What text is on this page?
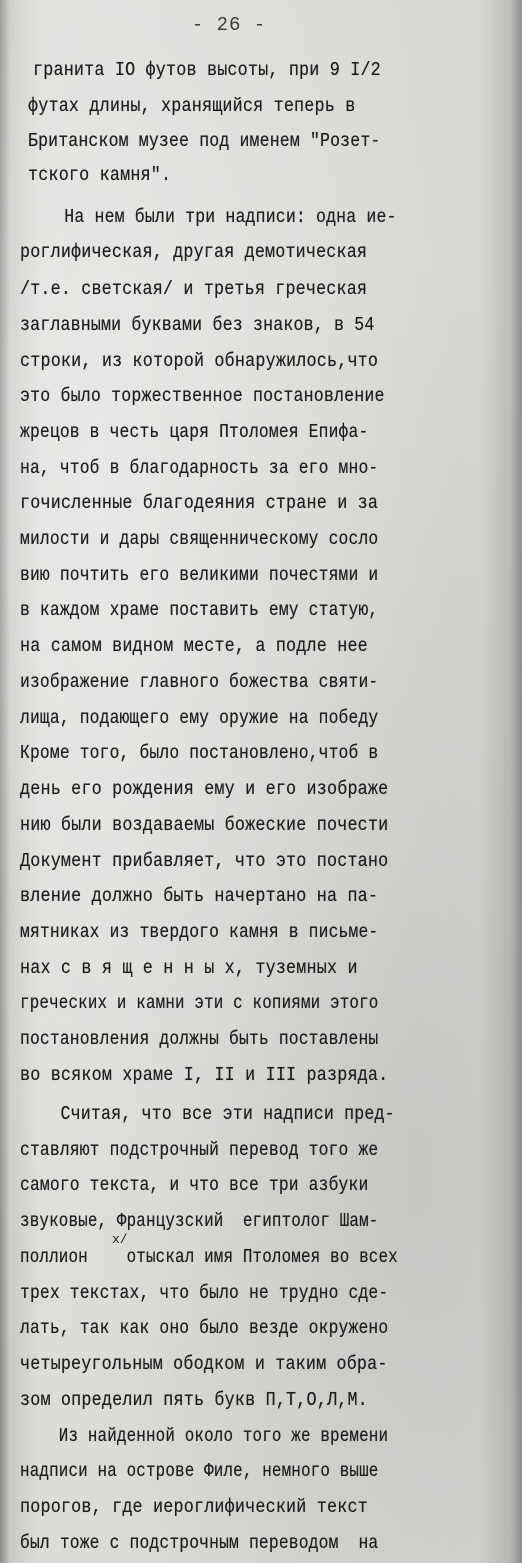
- 26 -
гранита IO футов высоты, при 9 I/2
футах длины, хранящийся теперь в
Британском музее под именем "Розет-
тского камня".
На нем были три надписи: одна ие-
роглифическая, другая демотическая
/т.е. светская/ и третья греческая
заглавными буквами без знаков, в 54
строки, из которой обнаружилось,что
это было торжественное постановление
жрецов в честь царя Птоломея Епифа-
на, чтоб в благодарность за его мно-
гочисленные благодеяния стране и за
милости и дары священническому сосло
вию почтить его великими почестями и
в каждом храме поставить ему статую,
на самом видном месте, а подле нее
изображение главного божества святи-
лища, подающего ему оружие на победу
Кроме того, было постановлено,чтоб в
день его рождения ему и его изображе
нию были воздаваемы божеские почести
Документ прибавляет, что это постано
вление должно быть начертано на па-
мятниках из твердого камня в письме-
нах с в я щ е н н ы х, туземных и
греческих и камни эти с копиями этого
постановления должны быть поставлены
во всяком храме I, II и III разряда.
Считая, что все эти надписи пред-
ставляют подстрочный перевод того же
самого текста, и что все три азбуки
звуковые, Французский  египтолог Шам-
поллион    отыскал имя Птоломея во всех
x/
трех текстах, что было не трудно сде-
лать, так как оно было везде окружено
четыреугольным ободком и таким обра-
зом определил пять букв П,Т,О,Л,М.
Из найденной около того же времени
надписи на острове Филе, немного выше
порогов, где иероглифический текст
был тоже с подстрочным переводом  на
